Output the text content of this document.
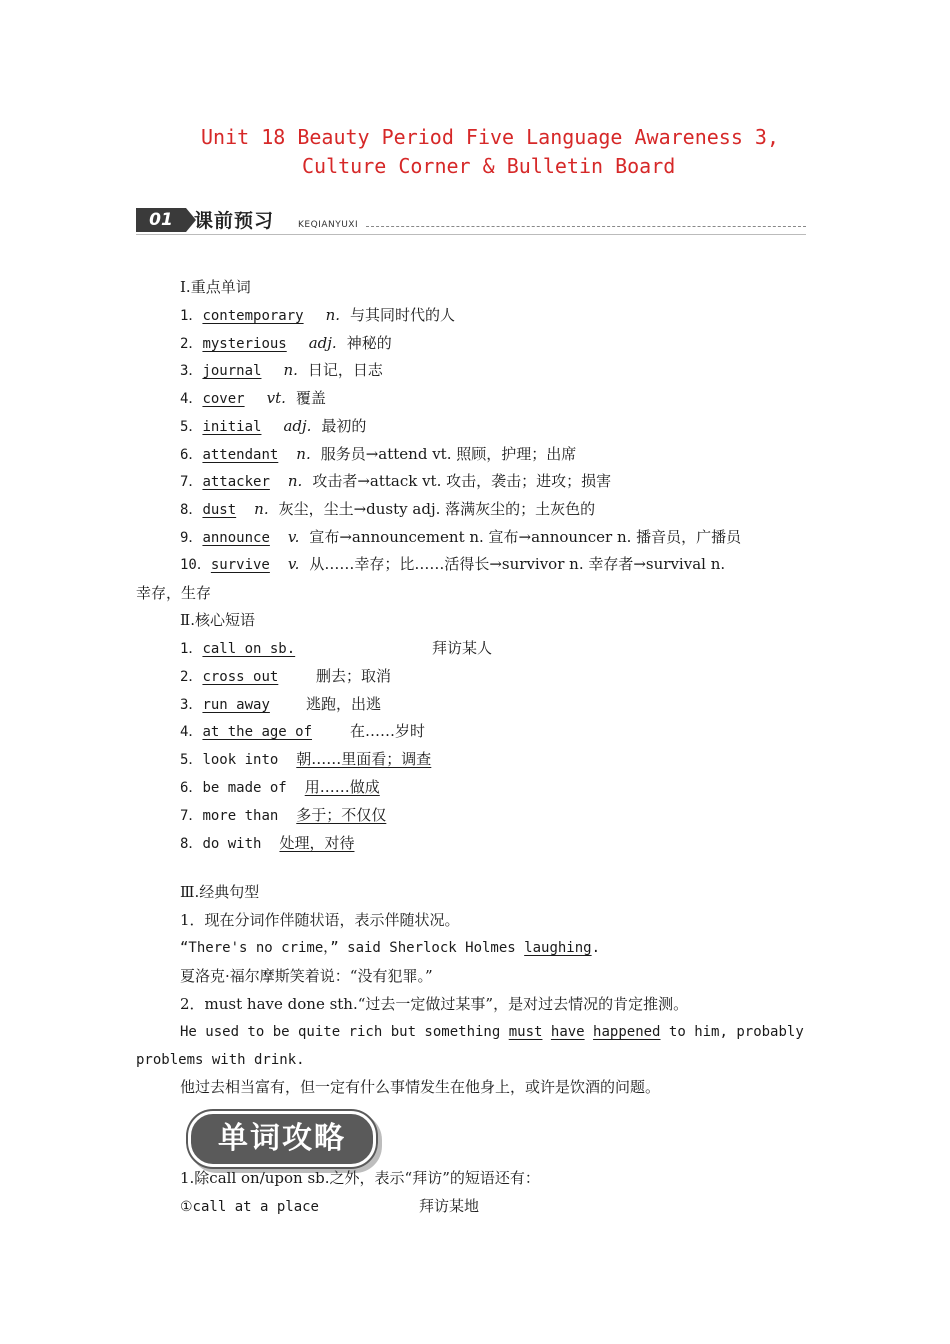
Unit 18 Beauty Period Five Language Awareness 3,
Culture Corner & Bulletin Board
01	课前预习	KEQIANYUXI
Ⅰ.重点单词
1．contemporary n. 与其同时代的人
2．mysterious adj. 神秘的
3．journal n. 日记，日志
4．cover vt. 覆盖
5．initial adj. 最初的
6．attendant n. 服务员→attend vt. 照顾，护理；出席
7．attacker n. 攻击者→attack vt. 攻击，袭击；进攻；损害
8．dust n. 灰尘，尘土→dusty adj. 落满灰尘的；土灰色的
9．announce v. 宣布→announcement n. 宣布→announcer n. 播音员，广播员
10．survive v. 从……幸存；比……活得长→survivor n. 幸存者→survival n.
幸存，生存
Ⅱ.核心短语
1．call on sb.	拜访某人
2．cross out	删去；取消
3．run away 逃跑，出逃
4．at the age of	在……岁时
5．look into 朝……里面看；调查
6．be made of 用……做成
7．more than 多于；不仅仅
8．do with 处理，对待
Ⅲ.经典句型
1．现在分词作伴随状语，表示伴随状况。
“There's no crime，” said Sherlock Holmes laughing.
夏洛克·福尔摩斯笑着说：“没有犯罪。”
2．must have done sth.“过去一定做过某事”，是对过去情况的肯定推测。
He used to be quite rich but something must have happened to him, probably
problems with drink.
他过去相当富有，但一定有什么事情发生在他身上，或许是饮酒的问题。
单词攻略
1.除call on/upon sb.之外，表示“拜访”的短语还有：
①call at a place	拜访某地
